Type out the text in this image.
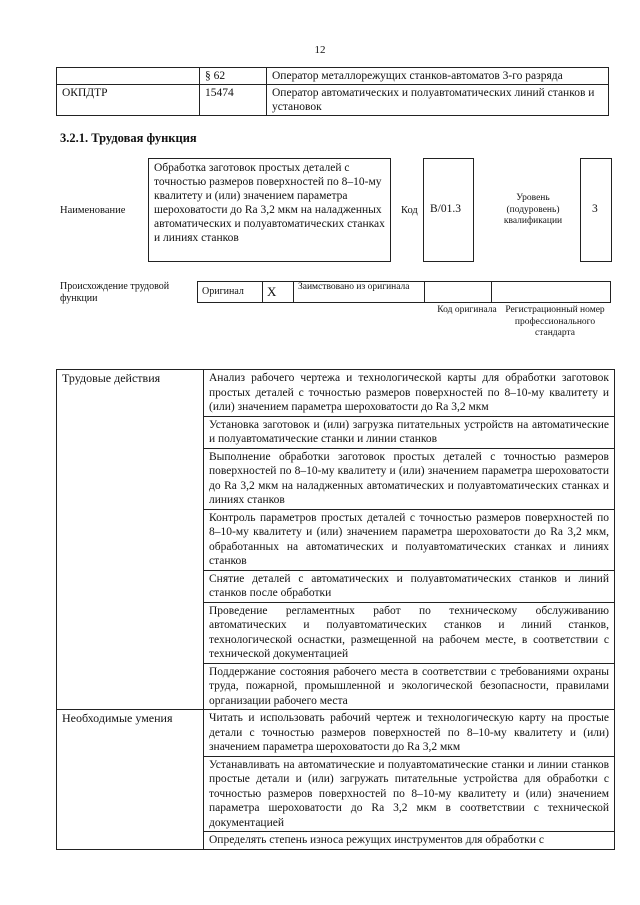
12
	§ 62	Оператор металлорежущих станков-автоматов 3-го разряда
ОКПДТР	15474	Оператор автоматических и полуавтоматических линий станков и установок
3.2.1. Трудовая функция
Наименование
Обработка заготовок простых деталей с точностью размеров поверхностей по 8–10-му квалитету и (или) значением параметра шероховатости до Ra 3,2 мкм на наладженных автоматических и полуавтоматических станках и линиях станков
Код B/01.3
Уровень (подуровень) квалификации
3
Происхождение трудовой функции
Оригинал	X	Заимствовано из оригинала		
Код оригинала Регистрационный номер профессионального стандарта
Трудовые действия	Анализ рабочего чертежа и технологической карты для обработки заготовок простых деталей с точностью размеров поверхностей по 8–10-му квалитету и (или) значением параметра шероховатости до Ra 3,2 мкм
	Установка заготовок и (или) загрузка питательных устройств на автоматические и полуавтоматические станки и линии станков
	Выполнение обработки заготовок простых деталей с точностью размеров поверхностей по 8–10-му квалитету и (или) значением параметра шероховатости до Ra 3,2 мкм на наладженных автоматических и полуавтоматических станках и линиях станков
	Контроль параметров простых деталей с точностью размеров поверхностей по 8–10-му квалитету и (или) значением параметра шероховатости до Ra 3,2 мкм, обработанных на автоматических и полуавтоматических станках и линиях станков
	Снятие деталей с автоматических и полуавтоматических станков и линий станков после обработки
	Проведение регламентных работ по техническому обслуживанию автоматических и полуавтоматических станков и линий станков, технологической оснастки, размещенной на рабочем месте, в соответствии с технической документацией
	Поддержание состояния рабочего места в соответствии с требованиями охраны труда, пожарной, промышленной и экологической безопасности, правилами организации рабочего места
Необходимые умения	Читать и использовать рабочий чертеж и технологическую карту на простые детали с точностью размеров поверхностей по 8–10-му квалитету и (или) значением параметра шероховатости до Ra 3,2 мкм
	Устанавливать на автоматические и полуавтоматические станки и линии станков простые детали и (или) загружать питательные устройства для обработки с точностью размеров поверхностей по 8–10-му квалитету и (или) значением параметра шероховатости до Ra 3,2 мкм в соответствии с технической документацией
	Определять степень износа режущих инструментов для обработки с
